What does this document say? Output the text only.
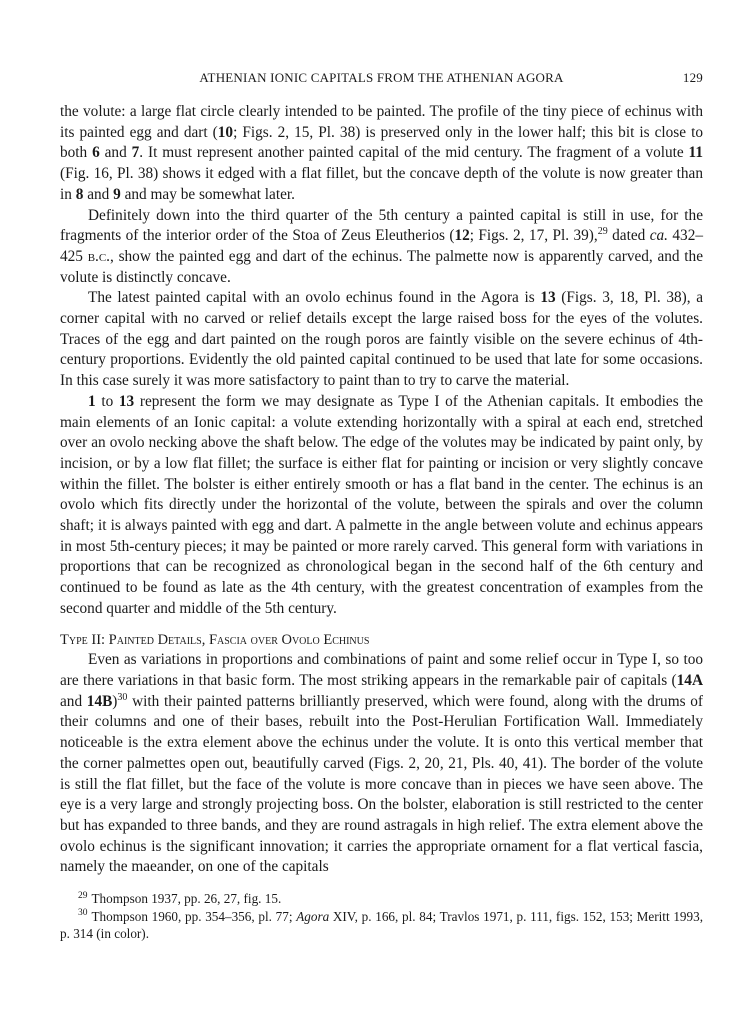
ATHENIAN IONIC CAPITALS FROM THE ATHENIAN AGORA	129

the volute: a large flat circle clearly intended to be painted. The profile of the tiny piece of echinus with its painted egg and dart (10; Figs. 2, 15, Pl. 38) is preserved only in the lower half; this bit is close to both 6 and 7. It must represent another painted capital of the mid century. The fragment of a volute 11 (Fig. 16, Pl. 38) shows it edged with a flat fillet, but the concave depth of the volute is now greater than in 8 and 9 and may be somewhat later.

Definitely down into the third quarter of the 5th century a painted capital is still in use, for the fragments of the interior order of the Stoa of Zeus Eleutherios (12; Figs. 2, 17, Pl. 39),$^{29}$ dated ca. 432–425 b.c., show the painted egg and dart of the echinus. The palmette now is apparently carved, and the volute is distinctly concave.

The latest painted capital with an ovolo echinus found in the Agora is 13 (Figs. 3, 18, Pl. 38), a corner capital with no carved or relief details except the large raised boss for the eyes of the volutes. Traces of the egg and dart painted on the rough poros are faintly visible on the severe echinus of 4th-century proportions. Evidently the old painted capital continued to be used that late for some occasions. In this case surely it was more satisfactory to paint than to try to carve the material.

1 to 13 represent the form we may designate as Type I of the Athenian capitals. It embodies the main elements of an Ionic capital: a volute extending horizontally with a spiral at each end, stretched over an ovolo necking above the shaft below. The edge of the volutes may be indicated by paint only, by incision, or by a low flat fillet; the surface is either flat for painting or incision or very slightly concave within the fillet. The bolster is either entirely smooth or has a flat band in the center. The echinus is an ovolo which fits directly under the horizontal of the volute, between the spirals and over the column shaft; it is always painted with egg and dart. A palmette in the angle between volute and echinus appears in most 5th-century pieces; it may be painted or more rarely carved. This general form with variations in proportions that can be recognized as chronological began in the second half of the 6th century and continued to be found as late as the 4th century, with the greatest concentration of examples from the second quarter and middle of the 5th century.

Type II: Painted Details, Fascia over Ovolo Echinus

Even as variations in proportions and combinations of paint and some relief occur in Type I, so too are there variations in that basic form. The most striking appears in the remarkable pair of capitals (14A and 14B)$^{30}$ with their painted patterns brilliantly preserved, which were found, along with the drums of their columns and one of their bases, rebuilt into the Post-Herulian Fortification Wall. Immediately noticeable is the extra element above the echinus under the volute. It is onto this vertical member that the corner palmettes open out, beautifully carved (Figs. 2, 20, 21, Pls. 40, 41). The border of the volute is still the flat fillet, but the face of the volute is more concave than in pieces we have seen above. The eye is a very large and strongly projecting boss. On the bolster, elaboration is still restricted to the center but has expanded to three bands, and they are round astragals in high relief. The extra element above the ovolo echinus is the significant innovation; it carries the appropriate ornament for a flat vertical fascia, namely the maeander, on one of the capitals

$^{29}$ Thompson 1937, pp. 26, 27, fig. 15.
$^{30}$ Thompson 1960, pp. 354–356, pl. 77; Agora XIV, p. 166, pl. 84; Travlos 1971, p. 111, figs. 152, 153; Meritt 1993, p. 314 (in color).
